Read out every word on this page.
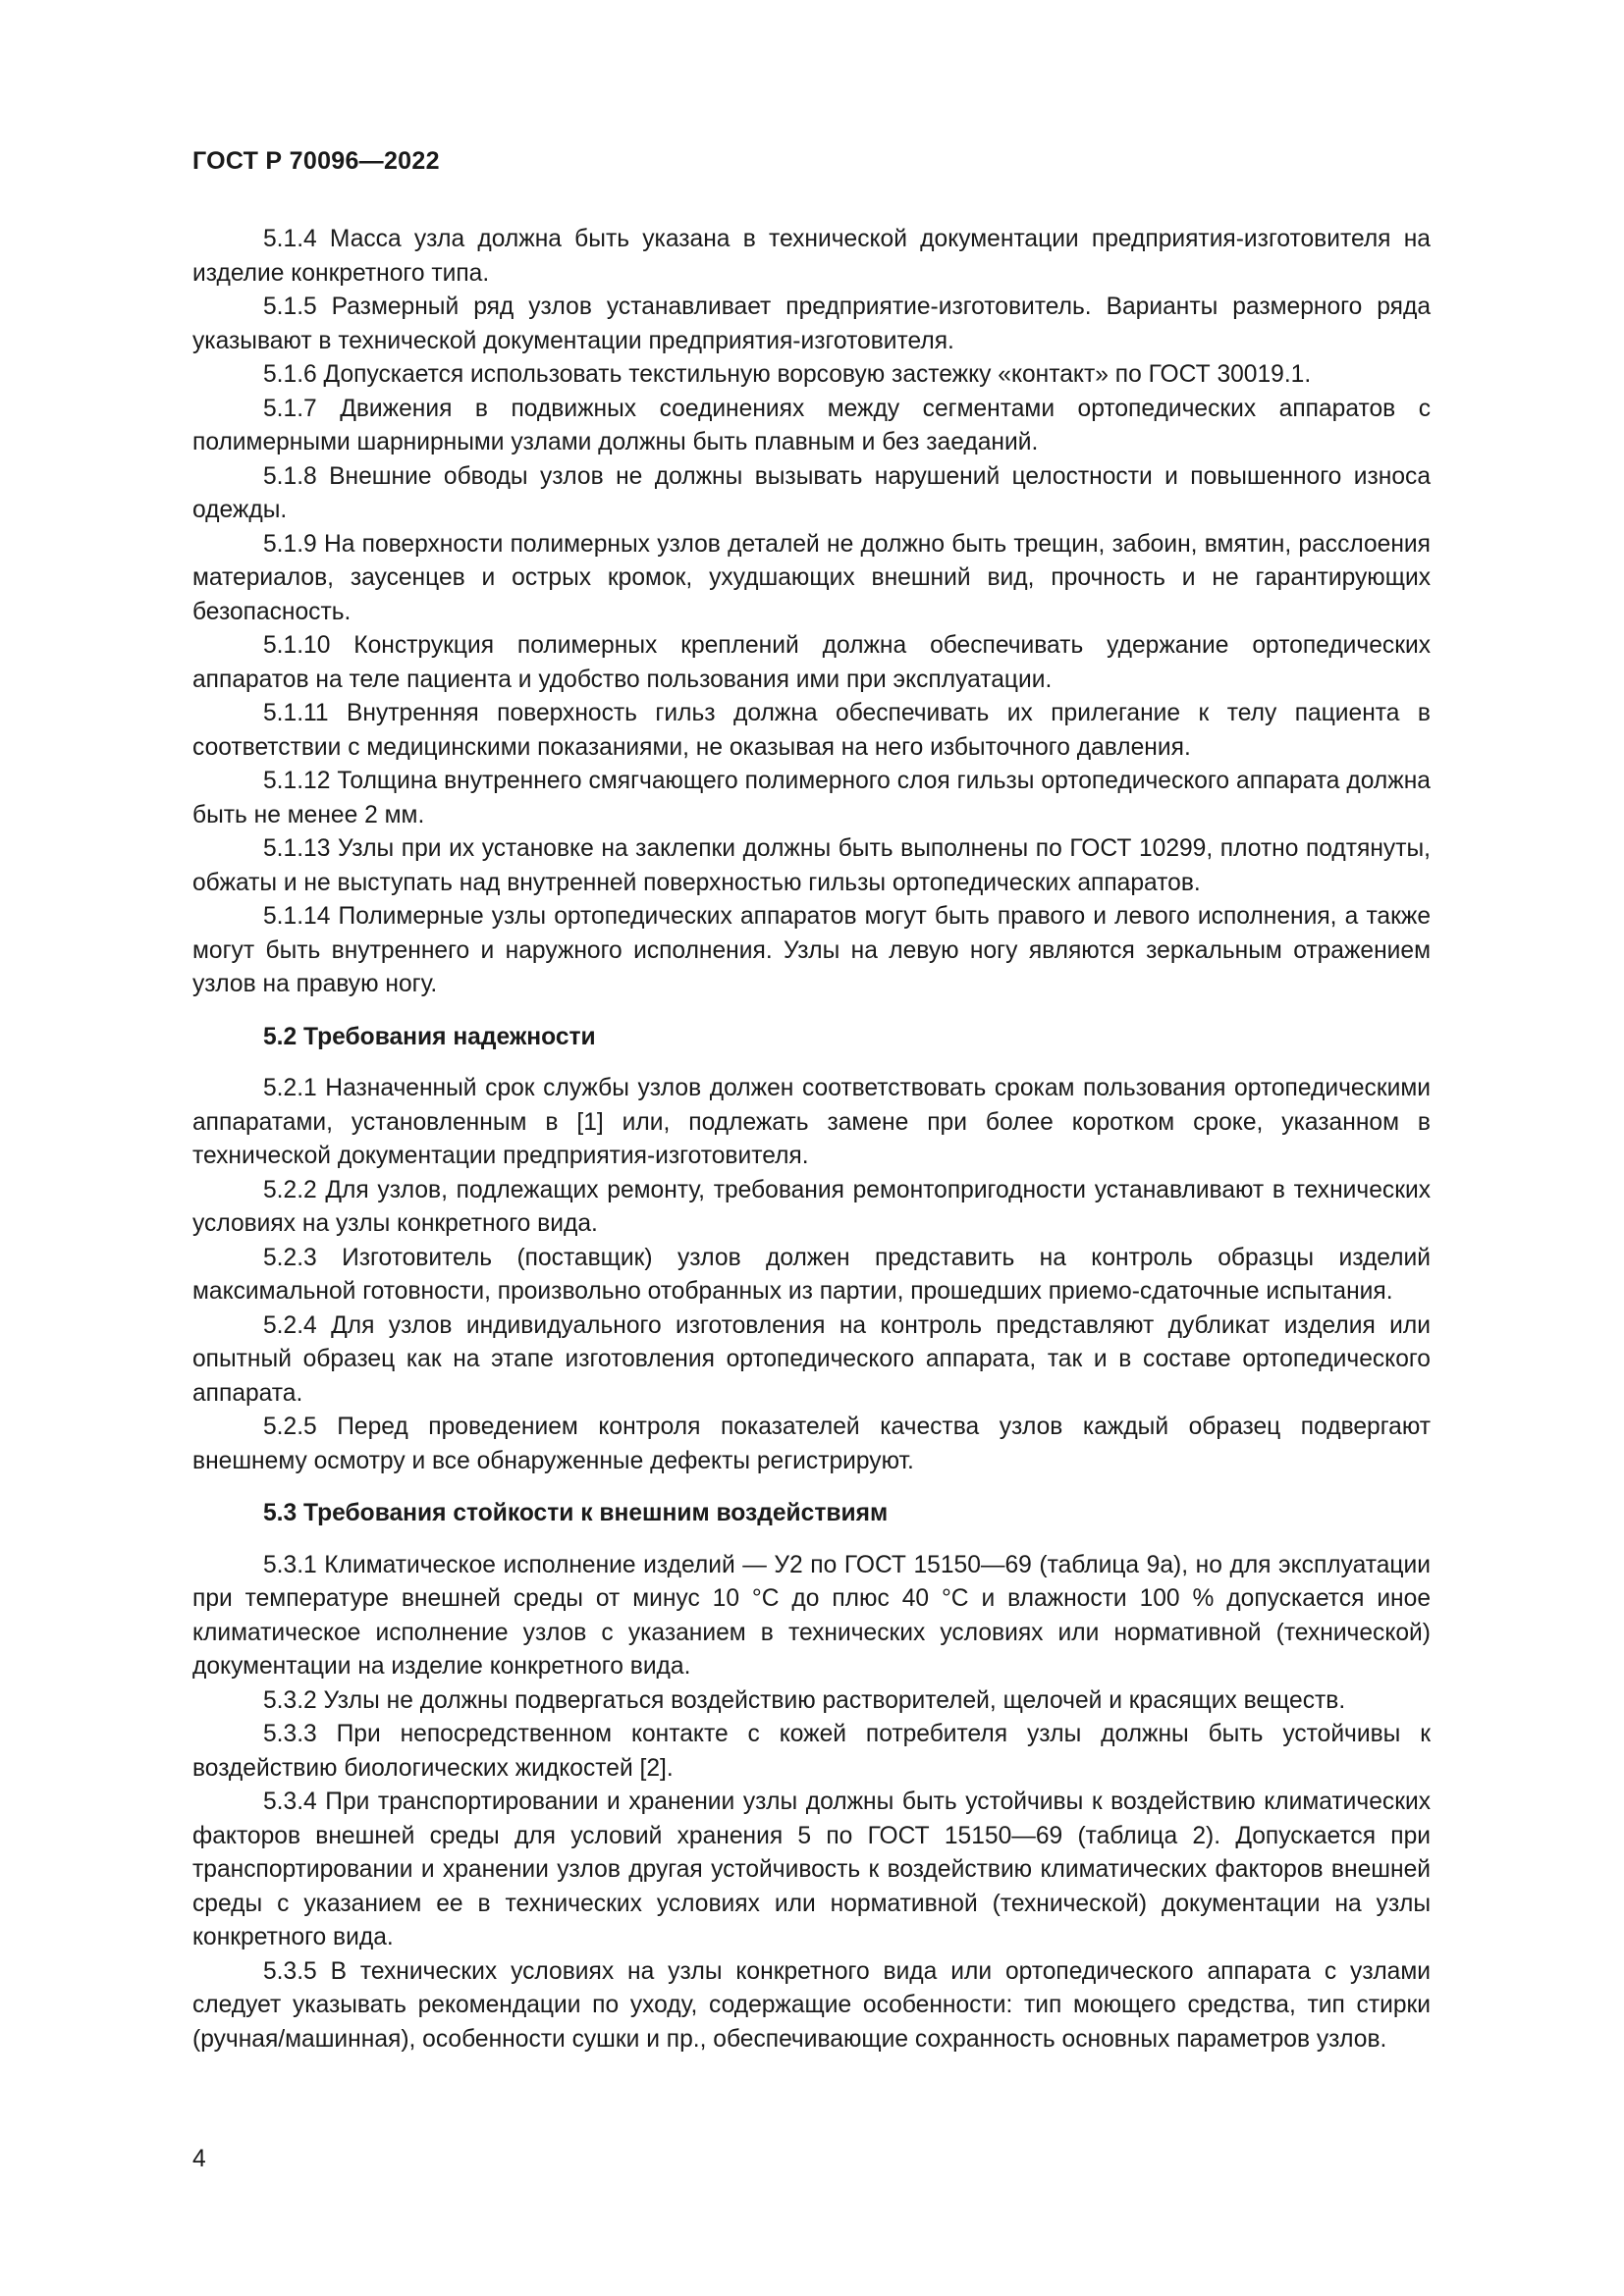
ГОСТ Р 70096—2022

5.1.4 Масса узла должна быть указана в технической документации предприятия-изготовителя на изделие конкретного типа.

5.1.5 Размерный ряд узлов устанавливает предприятие-изготовитель. Варианты размерного ряда указывают в технической документации предприятия-изготовителя.

5.1.6 Допускается использовать текстильную ворсовую застежку «контакт» по ГОСТ 30019.1.

5.1.7 Движения в подвижных соединениях между сегментами ортопедических аппаратов с полимерными шарнирными узлами должны быть плавным и без заеданий.

5.1.8 Внешние обводы узлов не должны вызывать нарушений целостности и повышенного износа одежды.

5.1.9 На поверхности полимерных узлов деталей не должно быть трещин, забоин, вмятин, расслоения материалов, заусенцев и острых кромок, ухудшающих внешний вид, прочность и не гарантирующих безопасность.

5.1.10 Конструкция полимерных креплений должна обеспечивать удержание ортопедических аппаратов на теле пациента и удобство пользования ими при эксплуатации.

5.1.11 Внутренняя поверхность гильз должна обеспечивать их прилегание к телу пациента в соответствии с медицинскими показаниями, не оказывая на него избыточного давления.

5.1.12 Толщина внутреннего смягчающего полимерного слоя гильзы ортопедического аппарата должна быть не менее 2 мм.

5.1.13 Узлы при их установке на заклепки должны быть выполнены по ГОСТ 10299, плотно подтянуты, обжаты и не выступать над внутренней поверхностью гильзы ортопедических аппаратов.

5.1.14 Полимерные узлы ортопедических аппаратов могут быть правого и левого исполнения, а также могут быть внутреннего и наружного исполнения. Узлы на левую ногу являются зеркальным отражением узлов на правую ногу.

5.2 Требования надежности

5.2.1 Назначенный срок службы узлов должен соответствовать срокам пользования ортопедическими аппаратами, установленным в [1] или, подлежать замене при более коротком сроке, указанном в технической документации предприятия-изготовителя.

5.2.2 Для узлов, подлежащих ремонту, требования ремонтопригодности устанавливают в технических условиях на узлы конкретного вида.

5.2.3 Изготовитель (поставщик) узлов должен представить на контроль образцы изделий максимальной готовности, произвольно отобранных из партии, прошедших приемо-сдаточные испытания.

5.2.4 Для узлов индивидуального изготовления на контроль представляют дубликат изделия или опытный образец как на этапе изготовления ортопедического аппарата, так и в составе ортопедического аппарата.

5.2.5 Перед проведением контроля показателей качества узлов каждый образец подвергают внешнему осмотру и все обнаруженные дефекты регистрируют.

5.3 Требования стойкости к внешним воздействиям

5.3.1 Климатическое исполнение изделий — У2 по ГОСТ 15150—69 (таблица 9а), но для эксплуатации при температуре внешней среды от минус 10 °С до плюс 40 °С и влажности 100 % допускается иное климатическое исполнение узлов с указанием в технических условиях или нормативной (технической) документации на изделие конкретного вида.

5.3.2 Узлы не должны подвергаться воздействию растворителей, щелочей и красящих веществ.

5.3.3 При непосредственном контакте с кожей потребителя узлы должны быть устойчивы к воздействию биологических жидкостей [2].

5.3.4 При транспортировании и хранении узлы должны быть устойчивы к воздействию климатических факторов внешней среды для условий хранения 5 по ГОСТ 15150—69 (таблица 2). Допускается при транспортировании и хранении узлов другая устойчивость к воздействию климатических факторов внешней среды с указанием ее в технических условиях или нормативной (технической) документации на узлы конкретного вида.

5.3.5 В технических условиях на узлы конкретного вида или ортопедического аппарата с узлами следует указывать рекомендации по уходу, содержащие особенности: тип моющего средства, тип стирки (ручная/машинная), особенности сушки и пр., обеспечивающие сохранность основных параметров узлов.

4
